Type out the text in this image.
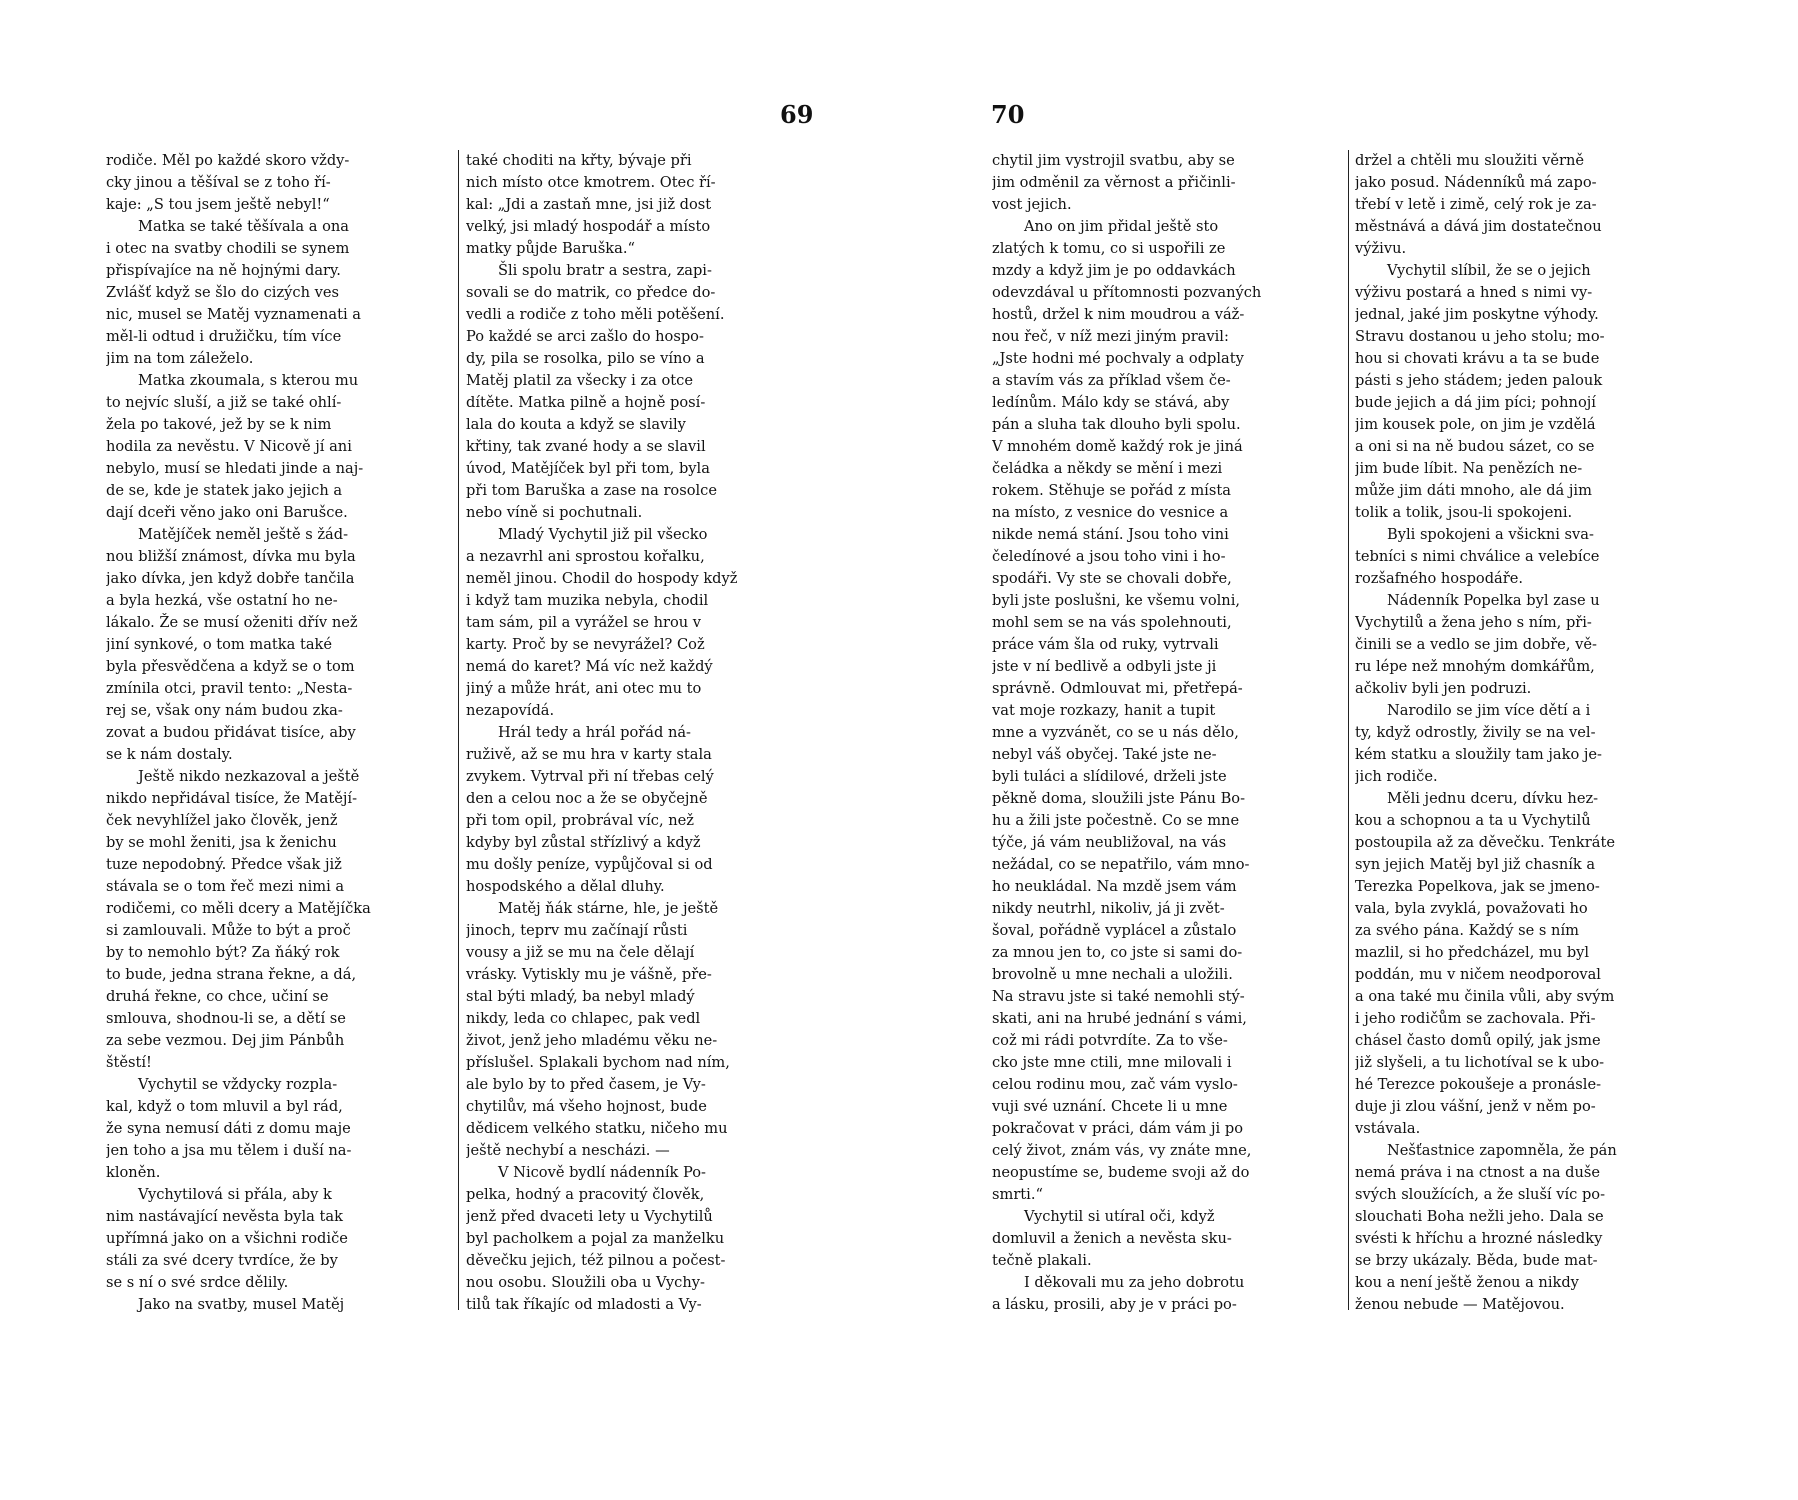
69	70
rodiče. Měl po každé skoro vždy-
cky jinou a těšíval se z toho ří-
kaje: „S tou jsem ještě nebyl!“
Matka se také těšívala a ona
i otec na svatby chodili se synem
přispívajíce na ně hojnými dary.
Zvlášť když se šlo do cizých ves
nic, musel se Matěj vyznamenati a
měl-li odtud i družičku, tím více
jim na tom záleželo.
Matka zkoumala, s kterou mu
to nejvíc sluší, a již se také ohlí-
žela po takové, jež by se k nim
hodila za nevěstu. V Nicově jí ani
nebylo, musí se hledati jinde a naj-
de se, kde je statek jako jejich a
dají dceři věno jako oni Barušce.
Matějíček neměl ještě s žád-
nou bližší známost, dívka mu byla
jako dívka, jen když dobře tančila
a byla hezká, vše ostatní ho ne-
lákalo. Že se musí oženiti dřív než
jiní synkové, o tom matka také
byla přesvědčena a když se o tom
zmínila otci, pravil tento: „Nesta-
rej se, však ony nám budou zka-
zovat a budou přidávat tisíce, aby
se k nám dostaly.
Ještě nikdo nezkazoval a ještě
nikdo nepřidával tisíce, že Matějí-
ček nevyhlížel jako člověk, jenž
by se mohl ženiti, jsa k ženichu
tuze nepodobný. Předce však již
stávala se o tom řeč mezi nimi a
rodičemi, co měli dcery a Matějíčka
si zamlouvali. Může to být a proč
by to nemohlo být? Za ňáký rok
to bude, jedna strana řekne, a dá,
druhá řekne, co chce, učiní se
smlouva, shodnou-li se, a dětí se
za sebe vezmou. Dej jim Pánbůh
štěstí!
Vychytil se vždycky rozpla-
kal, když o tom mluvil a byl rád,
že syna nemusí dáti z domu maje
jen toho a jsa mu tělem i duší na-
kloněn.
Vychytilová si přála, aby k
nim nastávající nevěsta byla tak
upřímná jako on a všichni rodiče
stáli za své dcery tvrdíce, že by
se s ní o své srdce dělily.
Jako na svatby, musel Matěj
také choditi na křty, bývaje při
nich místo otce kmotrem. Otec ří-
kal: „Jdi a zastaň mne, jsi již dost
velký, jsi mladý hospodář a místo
matky půjde Baruška.“
Šli spolu bratr a sestra, zapi-
sovali se do matrik, co předce do-
vedli a rodiče z toho měli potěšení.
Po každé se arci zašlo do hospo-
dy, pila se rosolka, pilo se víno a
Matěj platil za všecky i za otce
dítěte. Matka pilně a hojně posí-
lala do kouta a když se slavily
křtiny, tak zvané hody a se slavil
úvod, Matějíček byl při tom, byla
při tom Baruška a zase na rosolce
nebo víně si pochutnali.
Mladý Vychytil již pil všecko
a nezavrhl ani sprostou kořalku,
neměl jinou. Chodil do hospody když
i když tam muzika nebyla, chodil
tam sám, pil a vyrážel se hrou v
karty. Proč by se nevyrážel? Což
nemá do karet? Má víc než každý
jiný a může hrát, ani otec mu to
nezapovídá.
Hrál tedy a hrál pořád ná-
ruživě, až se mu hra v karty stala
zvykem. Vytrval při ní třebas celý
den a celou noc a že se obyčejně
při tom opil, probrával víc, než
kdyby byl zůstal střízlivý a když
mu došly peníze, vypůjčoval si od
hospodského a dělal dluhy.
Matěj ňák stárne, hle, je ještě
jinoch, teprv mu začínají růsti
vousy a již se mu na čele dělají
vrásky. Vytiskly mu je vášně, pře-
stal býti mladý, ba nebyl mladý
nikdy, leda co chlapec, pak vedl
život, jenž jeho mladému věku ne-
příslušel. Splakali bychom nad ním,
ale bylo by to před časem, je Vy-
chytilův, má všeho hojnost, bude
dědicem velkého statku, ničeho mu
ještě nechybí a nescházi. —
V Nicově bydlí nádenník Po-
pelka, hodný a pracovitý člověk,
jenž před dvaceti lety u Vychytilů
byl pacholkem a pojal za manželku
děvečku jejich, též pilnou a počest-
nou osobu. Sloužili oba u Vychy-
tilů tak říkajíc od mladosti a Vy-
chytil jim vystrojil svatbu, aby se
jim odměnil za věrnost a přičinli-
vost jejich.
Ano on jim přidal ještě sto
zlatých k tomu, co si uspořili ze
mzdy a když jim je po oddavkách
odevzdával u přítomnosti pozvaných
hostů, držel k nim moudrou a váž-
nou řeč, v níž mezi jiným pravil:
„Jste hodni mé pochvaly a odplaty
a stavím vás za příklad všem če-
ledínům. Málo kdy se stává, aby
pán a sluha tak dlouho byli spolu.
V mnohém domě každý rok je jiná
čeládka a někdy se mění i mezi
rokem. Stěhuje se pořád z místa
na místo, z vesnice do vesnice a
nikde nemá stání. Jsou toho vini
čeledínové a jsou toho vini i ho-
spodáři. Vy ste se chovali dobře,
byli jste poslušni, ke všemu volni,
mohl sem se na vás spolehnouti,
práce vám šla od ruky, vytrvali
jste v ní bedlivě a odbyli jste ji
správně. Odmlouvat mi, přetřepá-
vat moje rozkazy, hanit a tupit
mne a vyzvánět, co se u nás dělo,
nebyl váš obyčej. Také jste ne-
byli tuláci a slídilové, drželi jste
pěkně doma, sloužili jste Pánu Bo-
hu a žili jste počestně. Co se mne
týče, já vám neubližoval, na vás
nežádal, co se nepatřilo, vám mno-
ho neukládal. Na mzdě jsem vám
nikdy neutrhl, nikoliv, já ji zvět-
šoval, pořádně vyplácel a zůstalo
za mnou jen to, co jste si sami do-
brovolně u mne nechali a uložili.
Na stravu jste si také nemohli stý-
skati, ani na hrubé jednání s vámi,
což mi rádi potvrdíte. Za to vše-
cko jste mne ctili, mne milovali i
celou rodinu mou, zač vám vyslo-
vuji své uznání. Chcete li u mne
pokračovat v práci, dám vám ji po
celý život, znám vás, vy znáte mne,
neopustíme se, budeme svoji až do
smrti.“
Vychytil si utíral oči, když
domluvil a ženich a nevěsta sku-
tečně plakali.
I děkovali mu za jeho dobrotu
a lásku, prosili, aby je v práci po-
držel a chtěli mu sloužiti věrně
jako posud. Nádenníků má zapo-
třebí v letě i zimě, celý rok je za-
městnává a dává jim dostatečnou
výživu.
Vychytil slíbil, že se o jejich
výživu postará a hned s nimi vy-
jednal, jaké jim poskytne výhody.
Stravu dostanou u jeho stolu; mo-
hou si chovati krávu a ta se bude
pásti s jeho stádem; jeden palouk
bude jejich a dá jim píci; pohnojí
jim kousek pole, on jim je vzdělá
a oni si na ně budou sázet, co se
jim bude líbit. Na penězích ne-
může jim dáti mnoho, ale dá jim
tolik a tolik, jsou-li spokojeni.
Byli spokojeni a všickni sva-
tebníci s nimi chválice a velebíce
rozšafného hospodáře.
Nádenník Popelka byl zase u
Vychytilů a žena jeho s ním, při-
činili se a vedlo se jim dobře, vě-
ru lépe než mnohým domkářům,
ačkoliv byli jen podruzi.
Narodilo se jim více dětí a i
ty, když odrostly, živily se na vel-
kém statku a sloužily tam jako je-
jich rodiče.
Měli jednu dceru, dívku hez-
kou a schopnou a ta u Vychytilů
postoupila až za děvečku. Tenkráte
syn jejich Matěj byl již chasník a
Terezka Popelkova, jak se jmeno-
vala, byla zvyklá, považovati ho
za svého pána. Každý se s ním
mazlil, si ho předcházel, mu byl
poddán, mu v ničem neodporoval
a ona také mu činila vůli, aby svým
i jeho rodičům se zachovala. Při-
chásel často domů opilý, jak jsme
již slyšeli, a tu lichotíval se k ubo-
hé Terezce pokoušeje a pronásle-
duje ji zlou vášní, jenž v něm po-
vstávala.
Nešťastnice zapomněla, že pán
nemá práva i na ctnost a na duše
svých sloužících, a že sluší víc po-
slouchati Boha nežli jeho. Dala se
svésti k hříchu a hrozné následky
se brzy ukázaly. Běda, bude mat-
kou a není ještě ženou a nikdy
ženou nebude — Matějovou.
